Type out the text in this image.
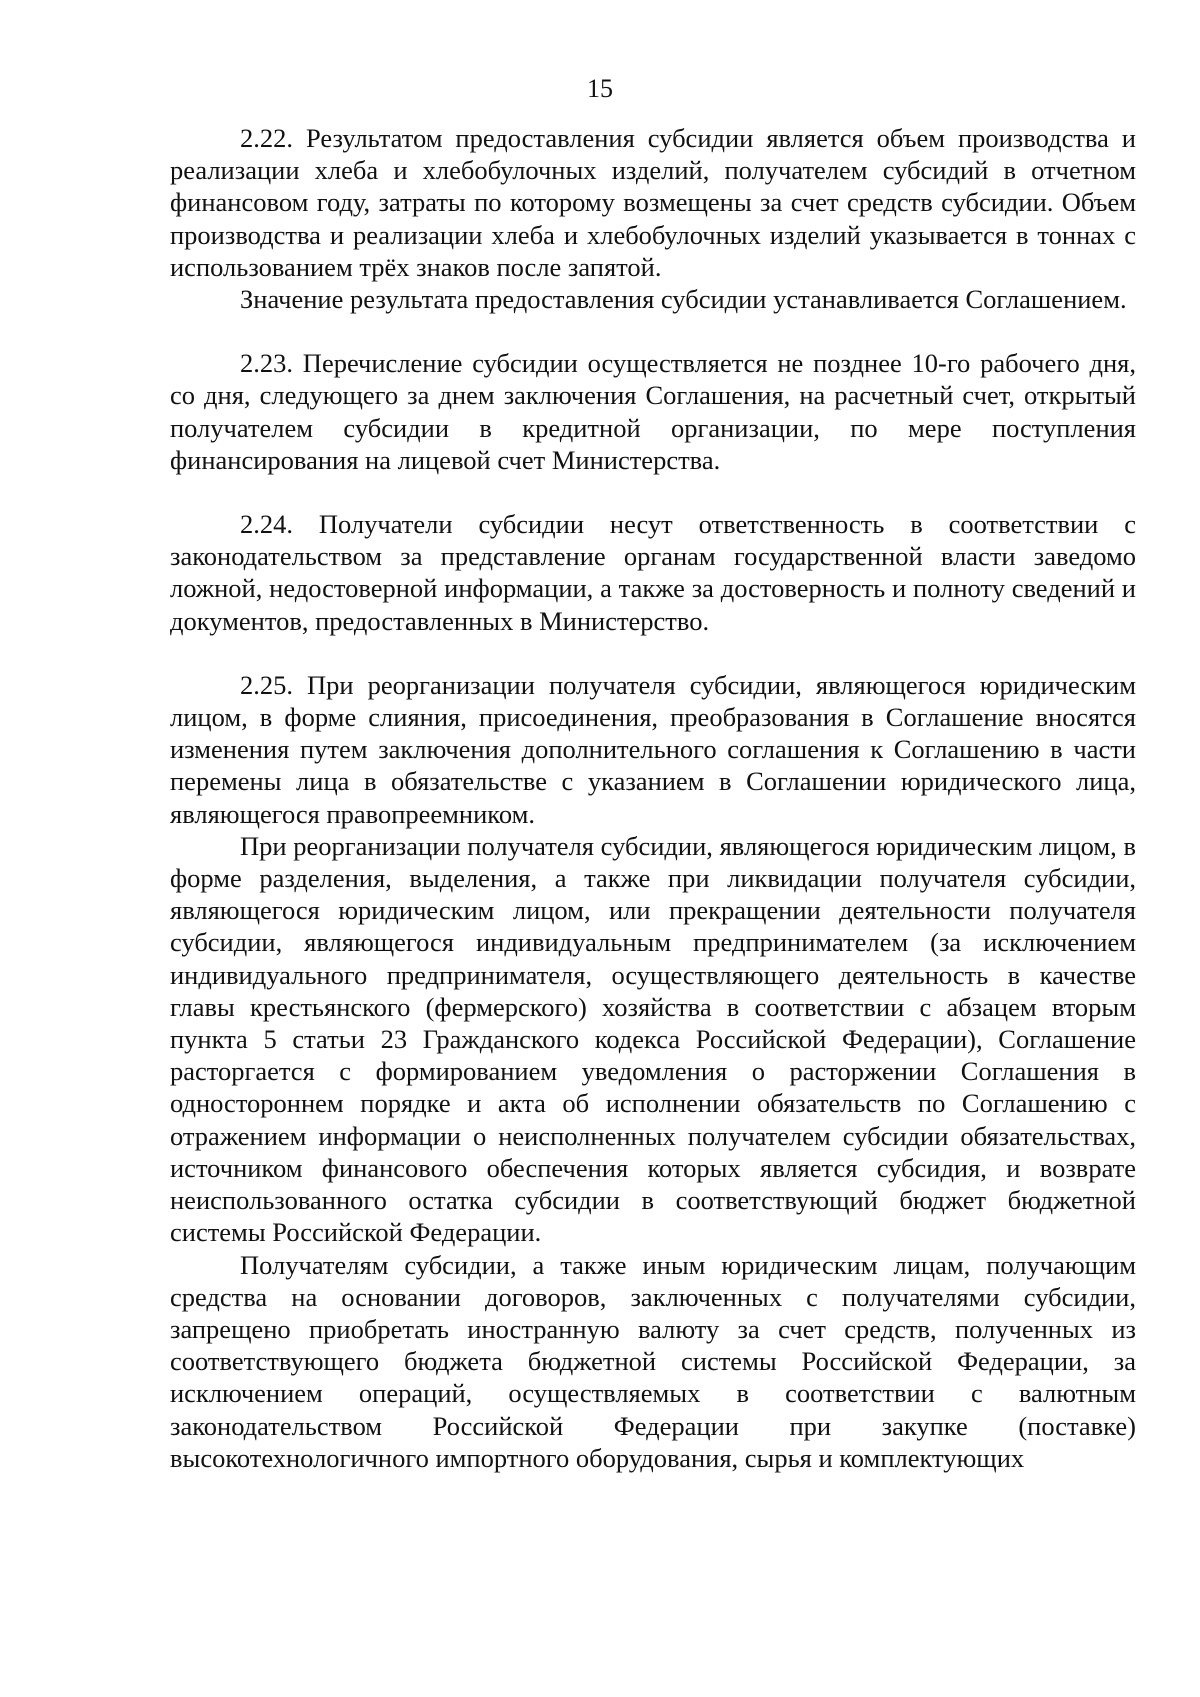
15

2.22. Результатом предоставления субсидии является объем производства и реализации хлеба и хлебобулочных изделий, получателем субсидий в отчетном финансовом году, затраты по которому возмещены за счет средств субсидии. Объем производства и реализации хлеба и хлебобулочных изделий указывается в тоннах с использованием трёх знаков после запятой.

Значение результата предоставления субсидии устанавливается Соглашением.

2.23. Перечисление субсидии осуществляется не позднее 10-го рабочего дня, со дня, следующего за днем заключения Соглашения, на расчетный счет, открытый получателем субсидии в кредитной организации, по мере поступления финансирования на лицевой счет Министерства.

2.24. Получатели субсидии несут ответственность в соответствии с законодательством за представление органам государственной власти заведомо ложной, недостоверной информации, а также за достоверность и полноту сведений и документов, предоставленных в Министерство.

2.25. При реорганизации получателя субсидии, являющегося юридическим лицом, в форме слияния, присоединения, преобразования в Соглашение вносятся изменения путем заключения дополнительного соглашения к Соглашению в части перемены лица в обязательстве с указанием в Соглашении юридического лица, являющегося правопреемником.

При реорганизации получателя субсидии, являющегося юридическим лицом, в форме разделения, выделения, а также при ликвидации получателя субсидии, являющегося юридическим лицом, или прекращении деятельности получателя субсидии, являющегося индивидуальным предпринимателем (за исключением индивидуального предпринимателя, осуществляющего деятельность в качестве главы крестьянского (фермерского) хозяйства в соответствии с абзацем вторым пункта 5 статьи 23 Гражданского кодекса Российской Федерации), Соглашение расторгается с формированием уведомления о расторжении Соглашения в одностороннем порядке и акта об исполнении обязательств по Соглашению с отражением информации о неисполненных получателем субсидии обязательствах, источником финансового обеспечения которых является субсидия, и возврате неиспользованного остатка субсидии в соответствующий бюджет бюджетной системы Российской Федерации.

Получателям субсидии, а также иным юридическим лицам, получающим средства на основании договоров, заключенных с получателями субсидии, запрещено приобретать иностранную валюту за счет средств, полученных из соответствующего бюджета бюджетной системы Российской Федерации, за исключением операций, осуществляемых в соответствии с валютным законодательством Российской Федерации при закупке (поставке) высокотехнологичного импортного оборудования, сырья и комплектующих
